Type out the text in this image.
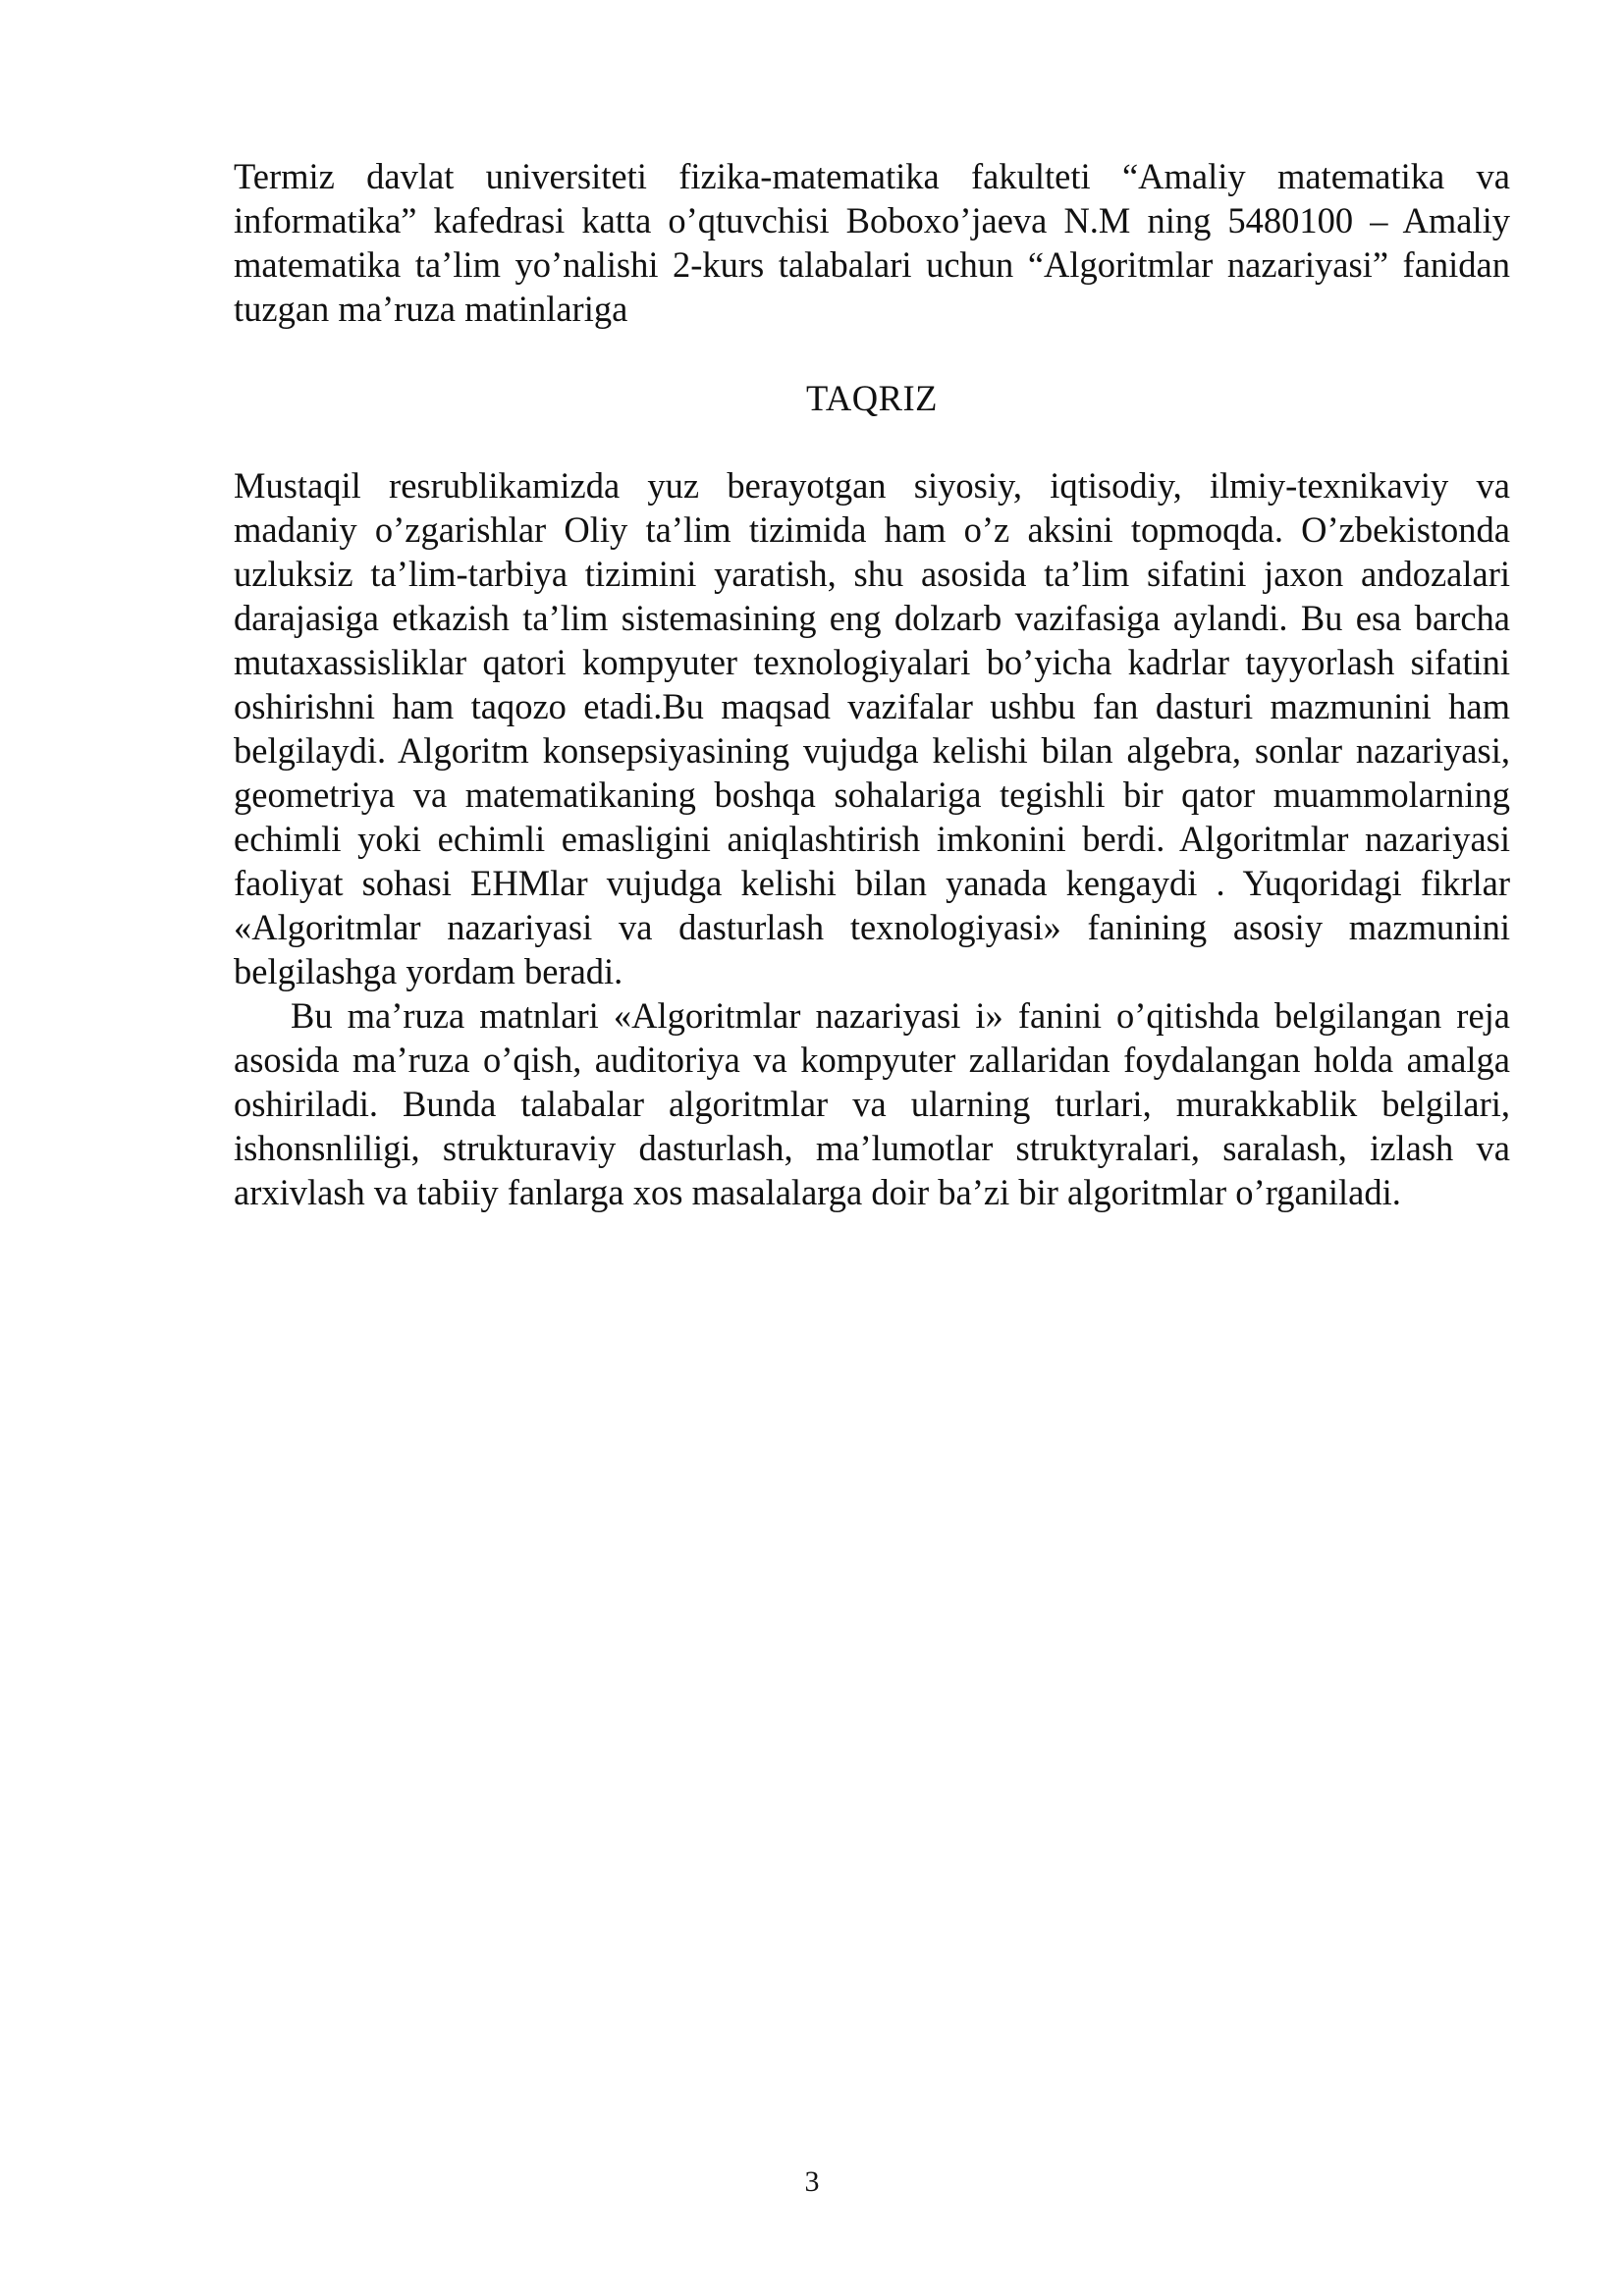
Termiz davlat universiteti fizika-matematika fakulteti “Amaliy matematika va informatika” kafedrasi katta o’qtuvchisi Boboxo’jaeva N.M ning 5480100 – Amaliy matematika ta’lim yo’nalishi 2-kurs talabalari uchun “Algoritmlar nazariyasi” fanidan tuzgan ma’ruza matinlariga
TAQRIZ

Mustaqil resrublikamizda yuz berayotgan siyosiy, iqtisodiy, ilmiy-texnikaviy va madaniy o’zgarishlar Oliy ta’lim tizimida ham o’z aksini topmoqda. O’zbekistonda uzluksiz ta’lim-tarbiya tizimini yaratish, shu asosida ta’lim sifatini jaxon andozalari darajasiga etkazish ta’lim sistemasining eng dolzarb vazifasiga aylandi. Bu esa barcha mutaxassisliklar qatori kompyuter texnologiyalari bo’yicha kadrlar tayyorlash sifatini oshirishni ham taqozo etadi.Bu maqsad vazifalar ushbu fan dasturi mazmunini ham belgilaydi. Algoritm konsepsiyasining vujudga kelishi bilan algebra, sonlar nazariyasi, geometriya va matematikaning boshqa sohalariga tegishli bir qator muammolarning echimli yoki echimli emasligini aniqlashtirish imkonini berdi. Algoritmlar nazariyasi faoliyat sohasi EHMlar vujudga kelishi bilan yanada kengaydi . Yuqoridagi fikrlar «Algoritmlar nazariyasi va dasturlash texnologiyasi» fanining asosiy mazmunini belgilashga yordam beradi.

Bu ma’ruza matnlari «Algoritmlar nazariyasi i» fanini o’qitishda belgilangan reja asosida ma’ruza o’qish, auditoriya va kompyuter zallaridan foydalangan holda amalga oshiriladi. Bunda talabalar algoritmlar va ularning turlari, murakkablik belgilari, ishonsnliligi, strukturaviy dasturlash, ma’lumotlar struktyralari, saralash, izlash va arxivlash va tabiiy fanlarga xos masalalarga doir ba’zi bir algoritmlar o’rganiladi.

3
